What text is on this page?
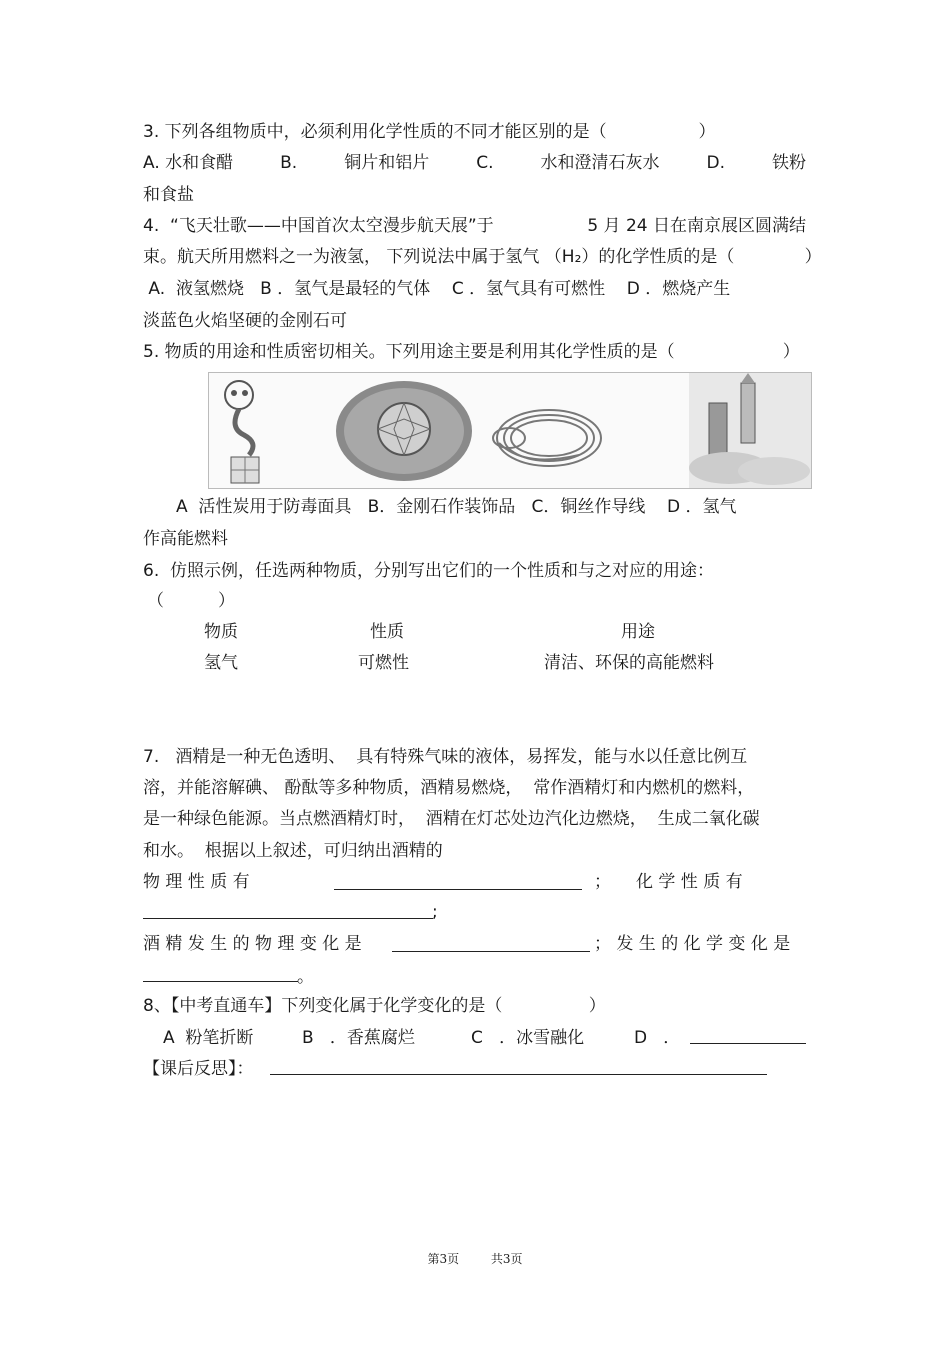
3. 下列各组物质中，必须利用化学性质的不同才能区别的是（                 ）
A. 水和食醋	B.	铜片和铝片	C.	水和澄清石灰水	D.	铁粉
和食盐
4.  “飞天壮歌——中国首次太空漫步航天展”于	5 月 24 日在南京展区圆满结
束。航天所用燃料之一为液氢， 下列说法中属于氢气 （H₂）的化学性质的是（             ）
A.  液氢燃烧   B ．氢气是最轻的气体    C ．氢气具有可燃性    D ．燃烧产生
淡蓝色火焰坚硬的金刚石可
5. 物质的用途和性质密切相关。下列用途主要是利用其化学性质的是（                    ）
A  活性炭用于防毒面具   B．金刚石作装饰品   C．铜丝作导线    D ．氢气
作高能燃料
6.  仿照示例，任选两种物质，分别写出它们的一个性质和与之对应的用途：
（          ）
物质	性质	用途
氢气	可燃性	清洁、环保的高能燃料
7.   酒精是一种无色透明、  具有特殊气味的液体，易挥发，能与水以任意比例互
溶，并能溶解碘、 酚酞等多种物质，酒精易燃烧，  常作酒精灯和内燃机的燃料，
是一种绿色能源。当点燃酒精灯时，  酒精在灯芯处边汽化边燃烧，  生成二氧化碳
和水。  根据以上叙述，可归纳出酒精的
物 理 性 质 有	； 化 学 性 质 有
;
酒 精 发 生 的 物 理 变 化 是	； 发 生 的 化 学 变 化 是
。
8、【中考直通车】下列变化属于化学变化的是（                ）
A  粉笔折断	B   ．香蕉腐烂	C   ．冰雪融化	D   ．
【课后反思】：
第3页	共3页
